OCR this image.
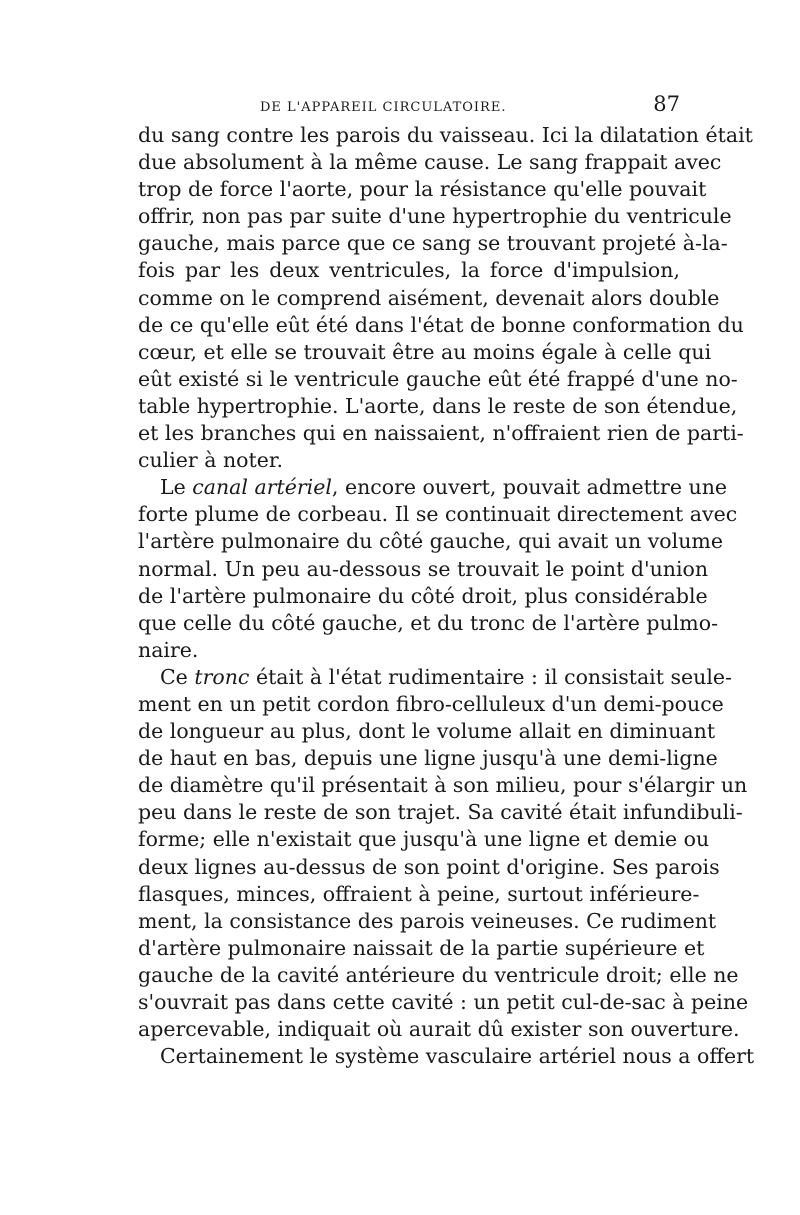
DE L'APPAREIL CIRCULATOIRE.	87
du sang contre les parois du vaisseau. Ici la dilatation était
due absolument à la même cause. Le sang frappait avec
trop de force l'aorte, pour la résistance qu'elle pouvait
offrir, non pas par suite d'une hypertrophie du ventricule
gauche, mais parce que ce sang se trouvant projeté à-la-
fois par les deux ventricules, la force d'impulsion,
comme on le comprend aisément, devenait alors double
de ce qu'elle eût été dans l'état de bonne conformation du
cœur, et elle se trouvait être au moins égale à celle qui
eût existé si le ventricule gauche eût été frappé d'une no-
table hypertrophie. L'aorte, dans le reste de son étendue,
et les branches qui en naissaient, n'offraient rien de parti-
culier à noter.
Le canal artériel, encore ouvert, pouvait admettre une
forte plume de corbeau. Il se continuait directement avec
l'artère pulmonaire du côté gauche, qui avait un volume
normal. Un peu au-dessous se trouvait le point d'union
de l'artère pulmonaire du côté droit, plus considérable
que celle du côté gauche, et du tronc de l'artère pulmo-
naire.
Ce tronc était à l'état rudimentaire : il consistait seule-
ment en un petit cordon fibro-celluleux d'un demi-pouce
de longueur au plus, dont le volume allait en diminuant
de haut en bas, depuis une ligne jusqu'à une demi-ligne
de diamètre qu'il présentait à son milieu, pour s'élargir un
peu dans le reste de son trajet. Sa cavité était infundibuli-
forme; elle n'existait que jusqu'à une ligne et demie ou
deux lignes au-dessus de son point d'origine. Ses parois
flasques, minces, offraient à peine, surtout inférieure-
ment, la consistance des parois veineuses. Ce rudiment
d'artère pulmonaire naissait de la partie supérieure et
gauche de la cavité antérieure du ventricule droit; elle ne
s'ouvrait pas dans cette cavité : un petit cul-de-sac à peine
apercevable, indiquait où aurait dû exister son ouverture.
Certainement le système vasculaire artériel nous a offert
